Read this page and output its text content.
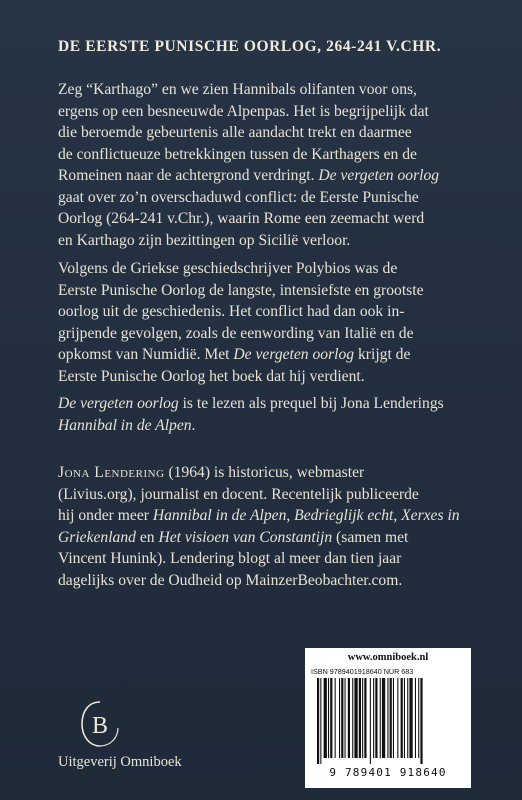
DE EERSTE PUNISCHE OORLOG, 264-241 V.CHR.

Zeg “Karthago” en we zien Hannibals olifanten voor ons,
ergens op een besneeuwde Alpenpas. Het is begrijpelijk dat
die beroemde gebeurtenis alle aandacht trekt en daarmee
de conflictueuze betrekkingen tussen de Karthagers en de
Romeinen naar de achtergrond verdringt. De vergeten oorlog
gaat over zo’n overschaduwd conflict: de Eerste Punische
Oorlog (264-241 v.Chr.), waarin Rome een zeemacht werd
en Karthago zijn bezittingen op Sicilië verloor.

Volgens de Griekse geschiedschrijver Polybios was de
Eerste Punische Oorlog de langste, intensiefste en grootste
oorlog uit de geschiedenis. Het conflict had dan ook in-
grijpende gevolgen, zoals de eenwording van Italië en de
opkomst van Numidië. Met De vergeten oorlog krijgt de
Eerste Punische Oorlog het boek dat hij verdient.

De vergeten oorlog is te lezen als prequel bij Jona Lenderings
Hannibal in de Alpen.

Jona Lendering (1964) is historicus, webmaster
(Livius.org), journalist en docent. Recentelijk publiceerde
hij onder meer Hannibal in de Alpen, Bedrieglijk echt, Xerxes in
Griekenland en Het visioen van Constantijn (samen met
Vincent Hunink). Lendering blogt al meer dan tien jaar
dagelijks over de Oudheid op MainzerBeobachter.com.

B
Uitgeverij Omniboek
www.omniboek.nl
ISBN 9789401918640 NUR 683
9 789401 918640
